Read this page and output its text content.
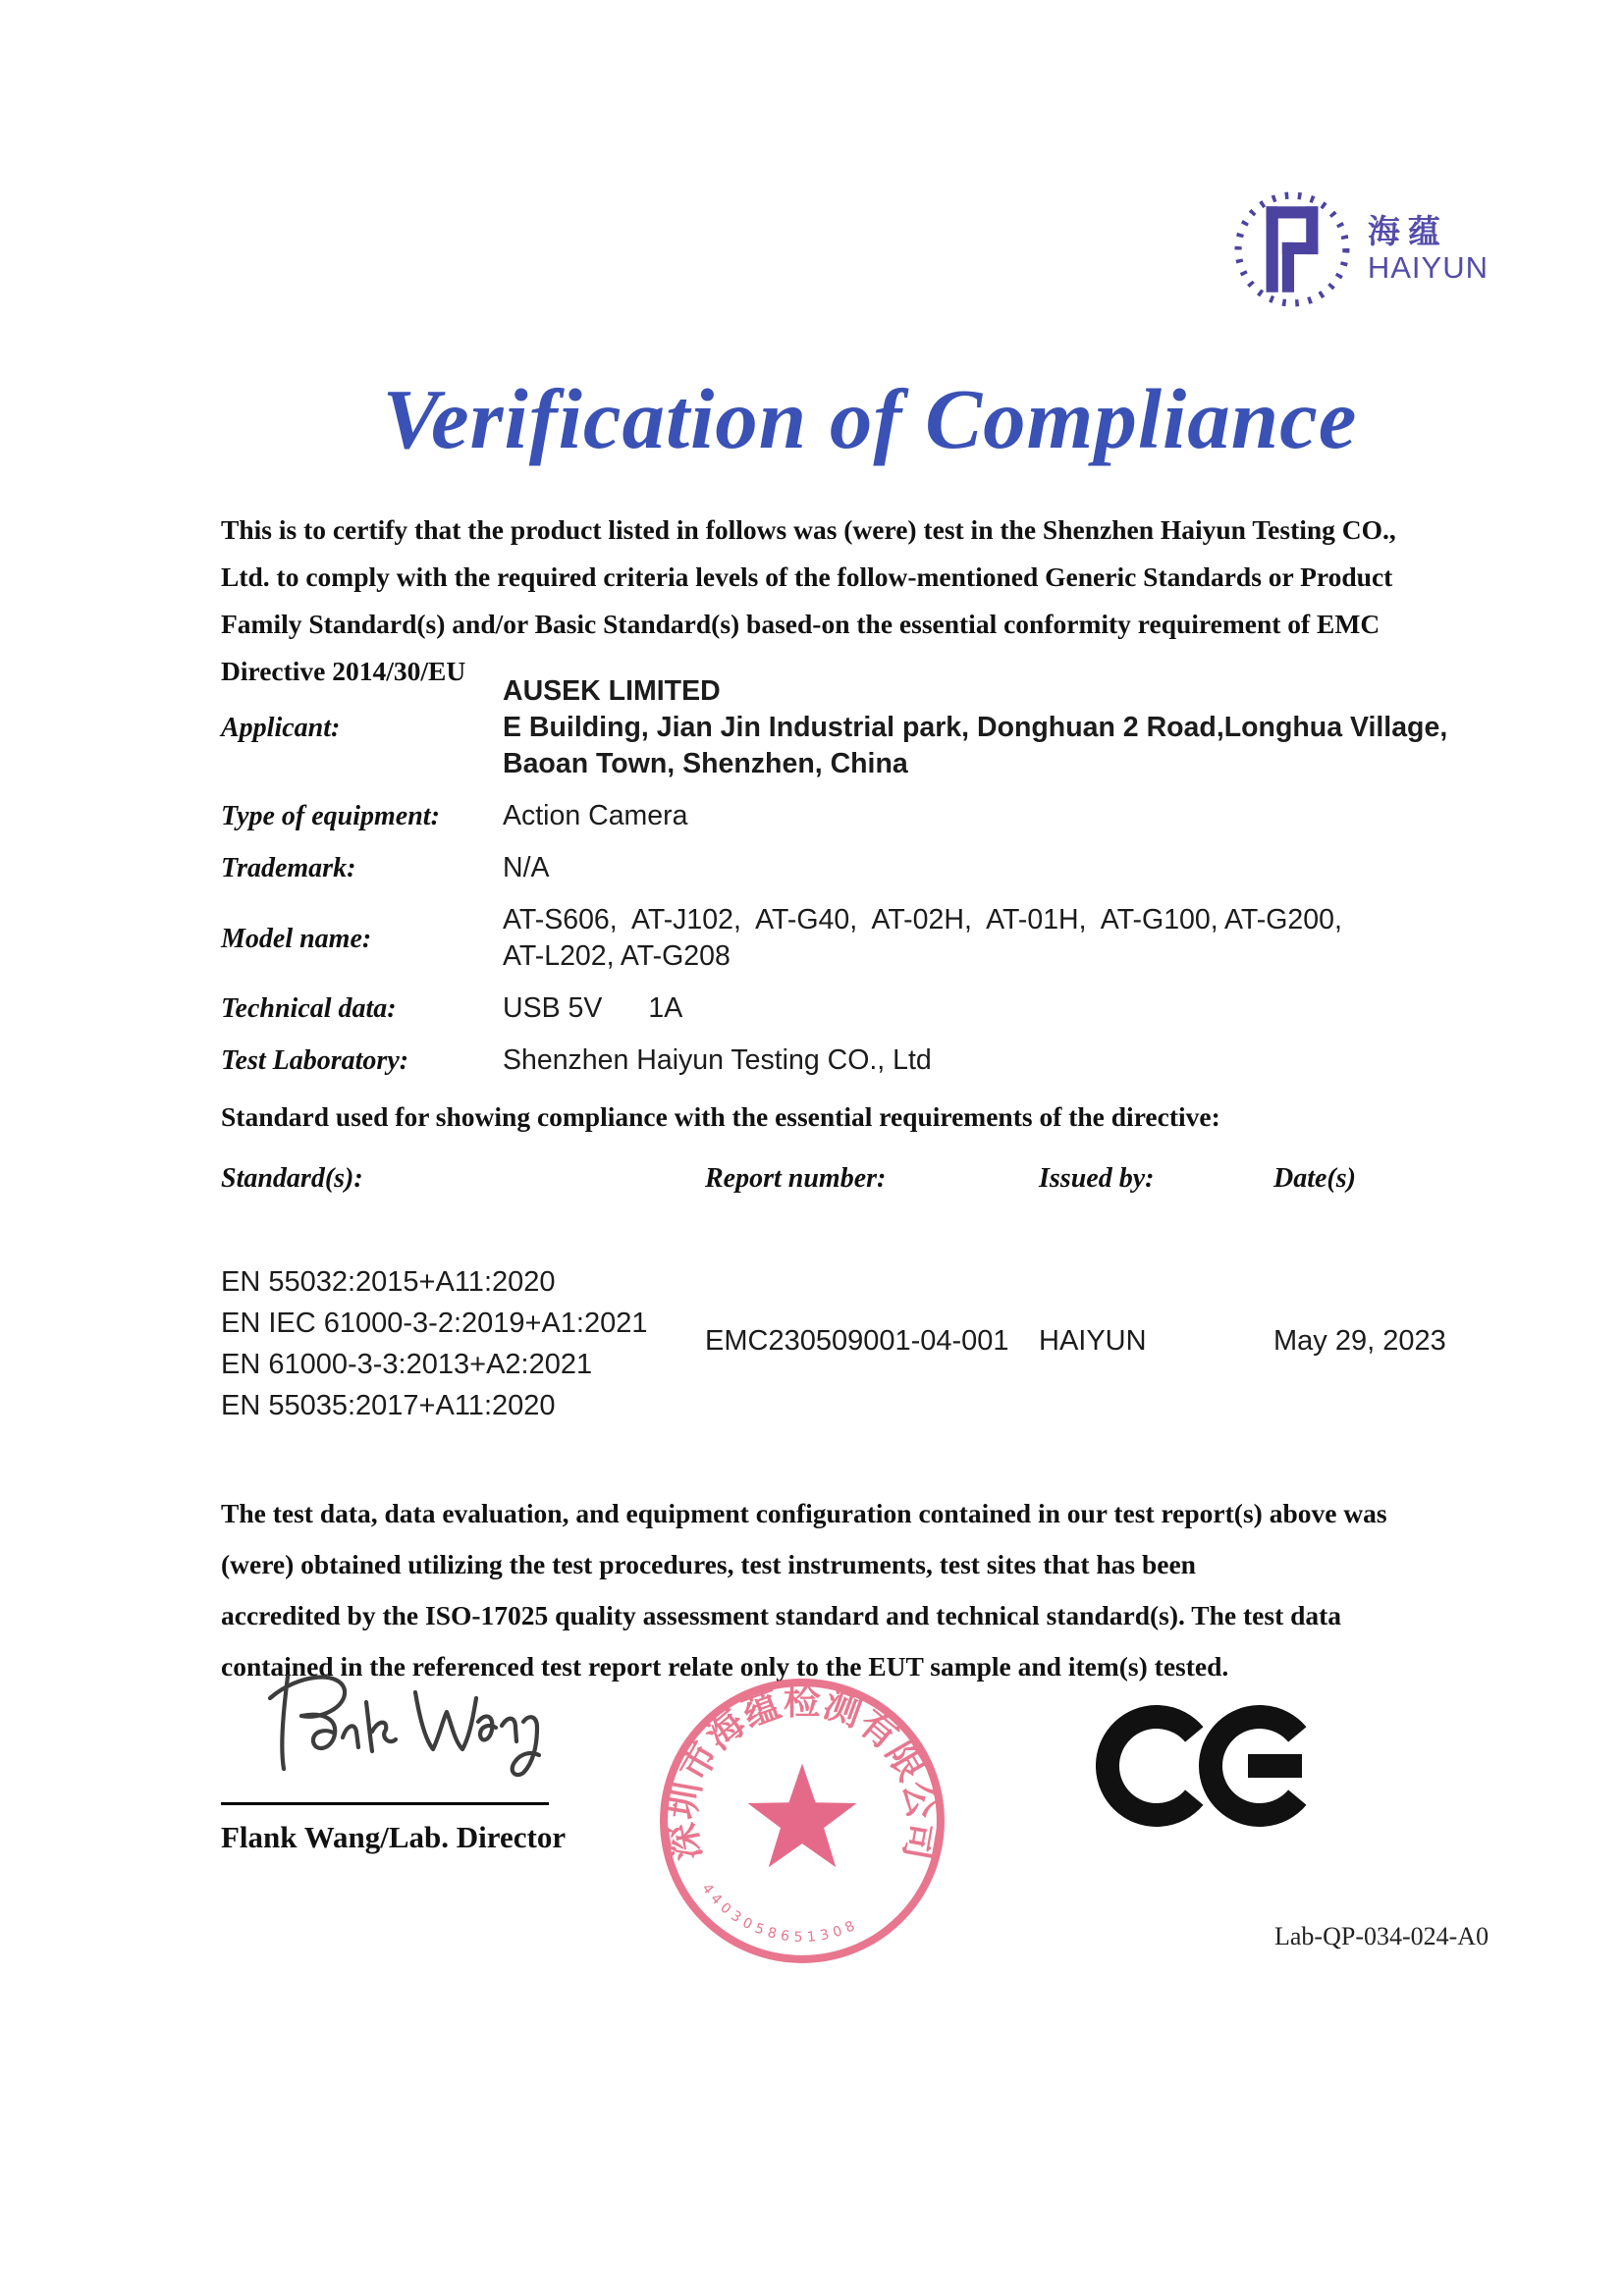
海蕴
HAIYUN
Verification of Compliance
This is to certify that the product listed in follows was (were) test in the Shenzhen Haiyun Testing CO.,
Ltd. to comply with the required criteria levels of the follow-mentioned Generic Standards or Product
Family Standard(s) and/or Basic Standard(s) based-on the essential conformity requirement of EMC
Directive 2014/30/EU
Applicant:
AUSEK LIMITED
E Building, Jian Jin Industrial park, Donghuan 2 Road,Longhua Village,
Baoan Town, Shenzhen, China
Type of equipment:	Action Camera
Trademark:	N/A
Model name:
AT-S606,  AT-J102,  AT-G40,  AT-02H,  AT-01H,  AT-G100, AT-G200,
AT-L202, AT-G208
Technical data:	USB 5V 1A
Test Laboratory:	Shenzhen Haiyun Testing CO., Ltd
Standard used for showing compliance with the essential requirements of the directive:
Standard(s):	Report number:	Issued by:	Date(s)
EN 55032:2015+A11:2020
EN IEC 61000-3-2:2019+A1:2021
EN 61000-3-3:2013+A2:2021
EN 55035:2017+A11:2020
EMC230509001-04-001 HAIYUN	May 29, 2023
The test data, data evaluation, and equipment configuration contained in our test report(s) above was
(were) obtained utilizing the test procedures, test instruments, test sites that has been
accredited by the ISO-17025 quality assessment standard and technical standard(s). The test data
contained in the referenced test report relate only to the EUT sample and item(s) tested.
Flank Wang/Lab. Director	深圳市海蕴检测有限公司
4403058651308	Lab-QP-034-024-A0
